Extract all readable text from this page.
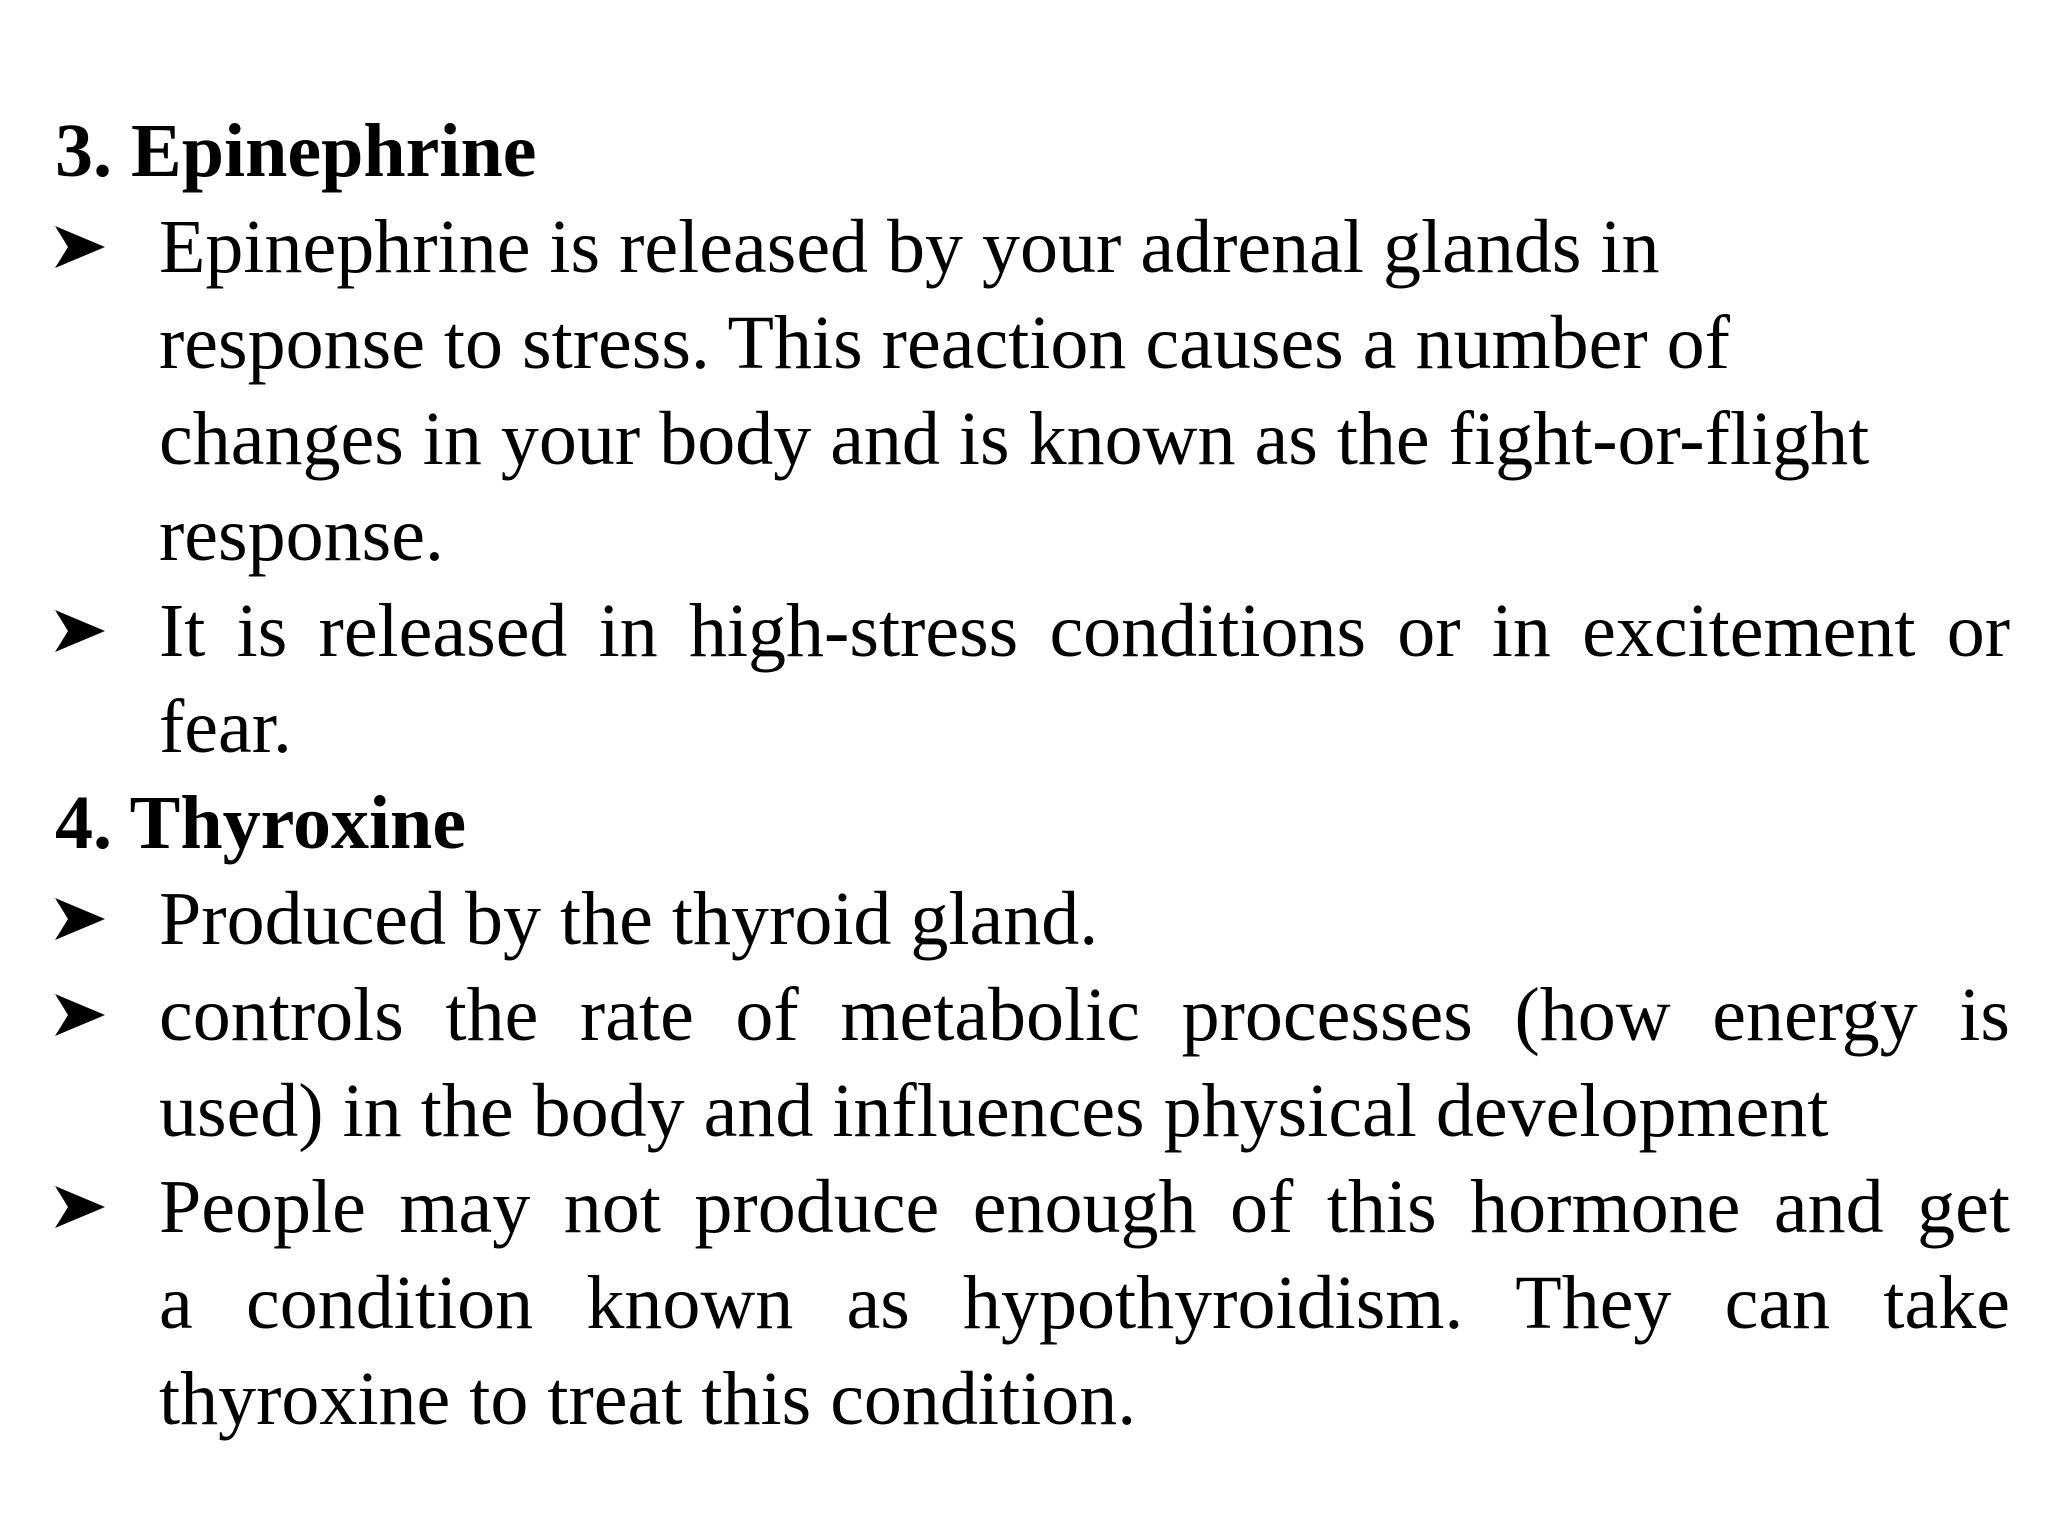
3. Epinephrine
Epinephrine is released by your adrenal glands in
response to stress. This reaction causes a number of
changes in your body and is known as the fight-or-flight
response.
It is released in high-stress conditions or in excitement or
fear.
4. Thyroxine
Produced by the thyroid gland.
controls the rate of metabolic processes (how energy is
used) in the body and influences physical development
People may not produce enough of this hormone and get
a condition known as hypothyroidism. They can take
thyroxine to treat this condition.
